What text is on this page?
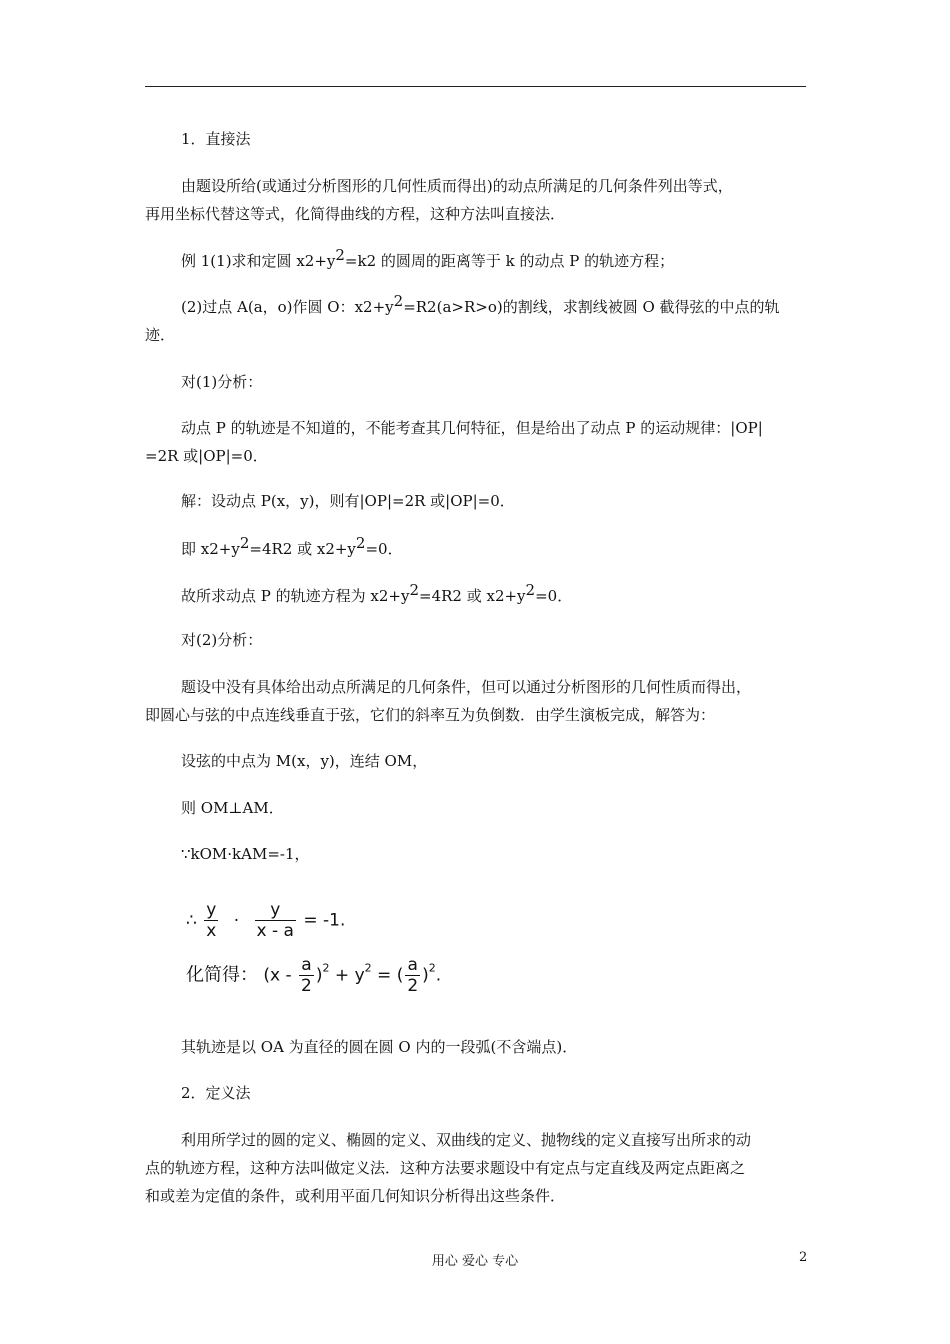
1．直接法

由题设所给(或通过分析图形的几何性质而得出)的动点所满足的几何条件列出等式，

再用坐标代替这等式，化简得曲线的方程，这种方法叫直接法．

例 1(1)求和定圆 $x2+y^2=k2$ 的圆周的距离等于 k 的动点 P 的轨迹方程；

(2)过点 A(a，o)作圆 O：$x2+y^2=R2(a>R>o)$的割线，求割线被圆 O 截得弦的中点的轨

迹．

对(1)分析：

动点 P 的轨迹是不知道的，不能考查其几何特征，但是给出了动点 P 的运动规律：|OP|

=2R 或|OP|=0．

解：设动点 P(x，y)，则有|OP|=2R 或|OP|=0．

即 $x2+y^2=4R2$ 或 $x2+y^2=0$．

故所求动点 P 的轨迹方程为 $x2+y^2=4R2$ 或 $x2+y^2=0$．

对(2)分析：

题设中没有具体给出动点所满足的几何条件，但可以通过分析图形的几何性质而得出，

即圆心与弦的中点连线垂直于弦，它们的斜率互为负倒数．由学生演板完成，解答为：

设弦的中点为 M(x，y)，连结 OM，

则 OM⊥AM．

∵kOM·kAM=-1，

∴ $\frac{y}{x} \cdot \frac{y}{x - a} = -1$.
化简得： $(x - \frac{a}{2} )^2 + y^2$ = ( $\frac{a}{2} )^2$.

其轨迹是以 OA 为直径的圆在圆 O 内的一段弧(不含端点)．

2．定义法

利用所学过的圆的定义、椭圆的定义、双曲线的定义、抛物线的定义直接写出所求的动

点的轨迹方程，这种方法叫做定义法．这种方法要求题设中有定点与定直线及两定点距离之

和或差为定值的条件，或利用平面几何知识分析得出这些条件．

用心 爱心 专心	2
